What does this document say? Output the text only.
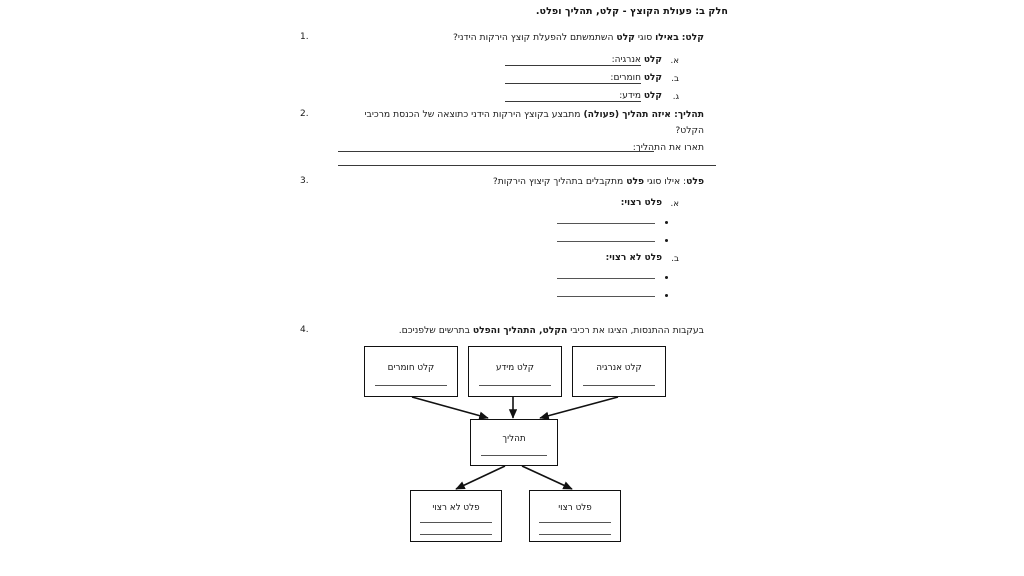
חלק ב: פעולת הקוצץ - קלט, תהליך ופלט.
1.	קלט: באילו סוגי קלט השתמשתם להפעלת קוצץ הירקות הידני?
א.
קלט אנרגיה:
ב.
קלט חומרים:
ג.
קלט מידע:
2.	תהליך: איזה תהליך (פעולה) מתבצע בקוצץ הירקות הידני כתוצאה של הכנסת מרכיבי
הקלט?
תארו את התהליך:
3.	פלט: אילו סוגי פלט מתקבלים בתהליך קיצוץ הירקות?
א.
פלט רצוי:
ב.
פלט לא רצוי:
4.	בעקבות ההתנסות, הציגו את רכיבי הקלט, התהליך והפלט בתרשים שלפניכם.
קלט חומרים	קלט מידע	קלט אנרגיה
תהליך
פלט לא רצוי	פלט רצוי
